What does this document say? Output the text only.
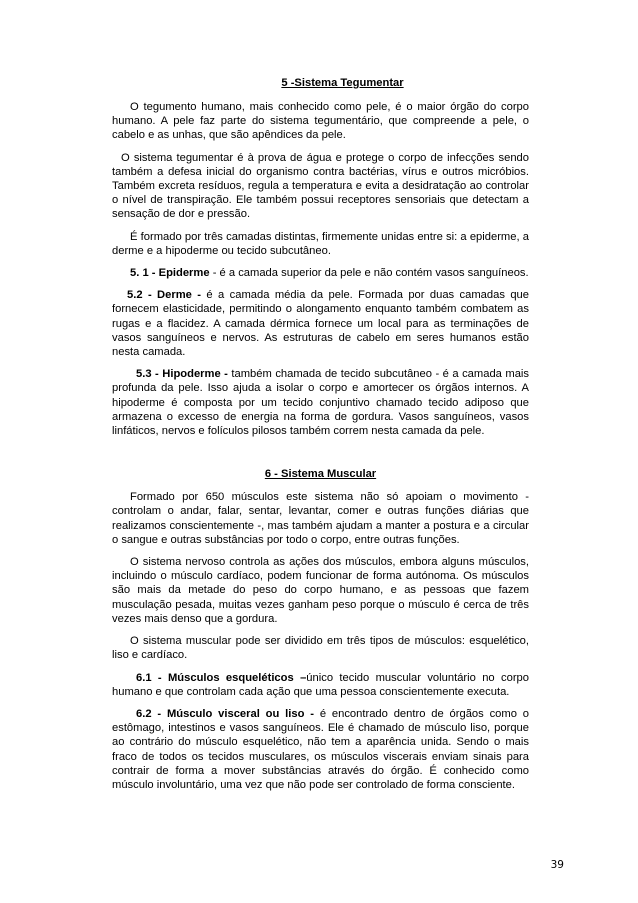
5 -Sistema Tegumentar

O tegumento humano, mais conhecido como pele, é o maior órgão do corpo humano. A pele faz parte do sistema tegumentário, que compreende a pele, o cabelo e as unhas, que são apêndices da pele.

O sistema tegumentar é à prova de água e protege o corpo de infecções sendo também a defesa inicial do organismo contra bactérias, vírus e outros micróbios. Também excreta resíduos, regula a temperatura e evita a desidratação ao controlar o nível de transpiração. Ele também possui receptores sensoriais que detectam a sensação de dor e pressão.

É formado por três camadas distintas, firmemente unidas entre si: a epiderme, a derme e a hipoderme ou tecido subcutâneo.

5. 1 - Epiderme - é a camada superior da pele e não contém vasos sanguíneos.

5.2 - Derme - é a camada média da pele. Formada por duas camadas que fornecem elasticidade, permitindo o alongamento enquanto também combatem as rugas e a flacidez. A camada dérmica fornece um local para as terminações de vasos sanguíneos e nervos. As estruturas de cabelo em seres humanos estão nesta camada.

5.3 - Hipoderme - também chamada de tecido subcutâneo - é a camada mais profunda da pele. Isso ajuda a isolar o corpo e amortecer os órgãos internos. A hipoderme é composta por um tecido conjuntivo chamado tecido adiposo que armazena o excesso de energia na forma de gordura. Vasos sanguíneos, vasos linfáticos, nervos e folículos pilosos também correm nesta camada da pele.

6 - Sistema Muscular

Formado por 650 músculos este sistema não só apoiam o movimento - controlam o andar, falar, sentar, levantar, comer e outras funções diárias que realizamos conscientemente -, mas também ajudam a manter a postura e a circular o sangue e outras substâncias por todo o corpo, entre outras funções.

O sistema nervoso controla as ações dos músculos, embora alguns músculos, incluindo o músculo cardíaco, podem funcionar de forma autónoma. Os músculos são mais da metade do peso do corpo humano, e as pessoas que fazem musculação pesada, muitas vezes ganham peso porque o músculo é cerca de três vezes mais denso que a gordura.

O sistema muscular pode ser dividido em três tipos de músculos: esquelético, liso e cardíaco.

6.1 - Músculos esqueléticos –único tecido muscular voluntário no corpo humano e que controlam cada ação que uma pessoa conscientemente executa.

6.2 - Músculo visceral ou liso - é encontrado dentro de órgãos como o estômago, intestinos e vasos sanguíneos. Ele é chamado de músculo liso, porque ao contrário do músculo esquelético, não tem a aparência unida. Sendo o mais fraco de todos os tecidos musculares, os músculos viscerais enviam sinais para contrair de forma a mover substâncias através do órgão. É conhecido como músculo involuntário, uma vez que não pode ser controlado de forma consciente.

39
